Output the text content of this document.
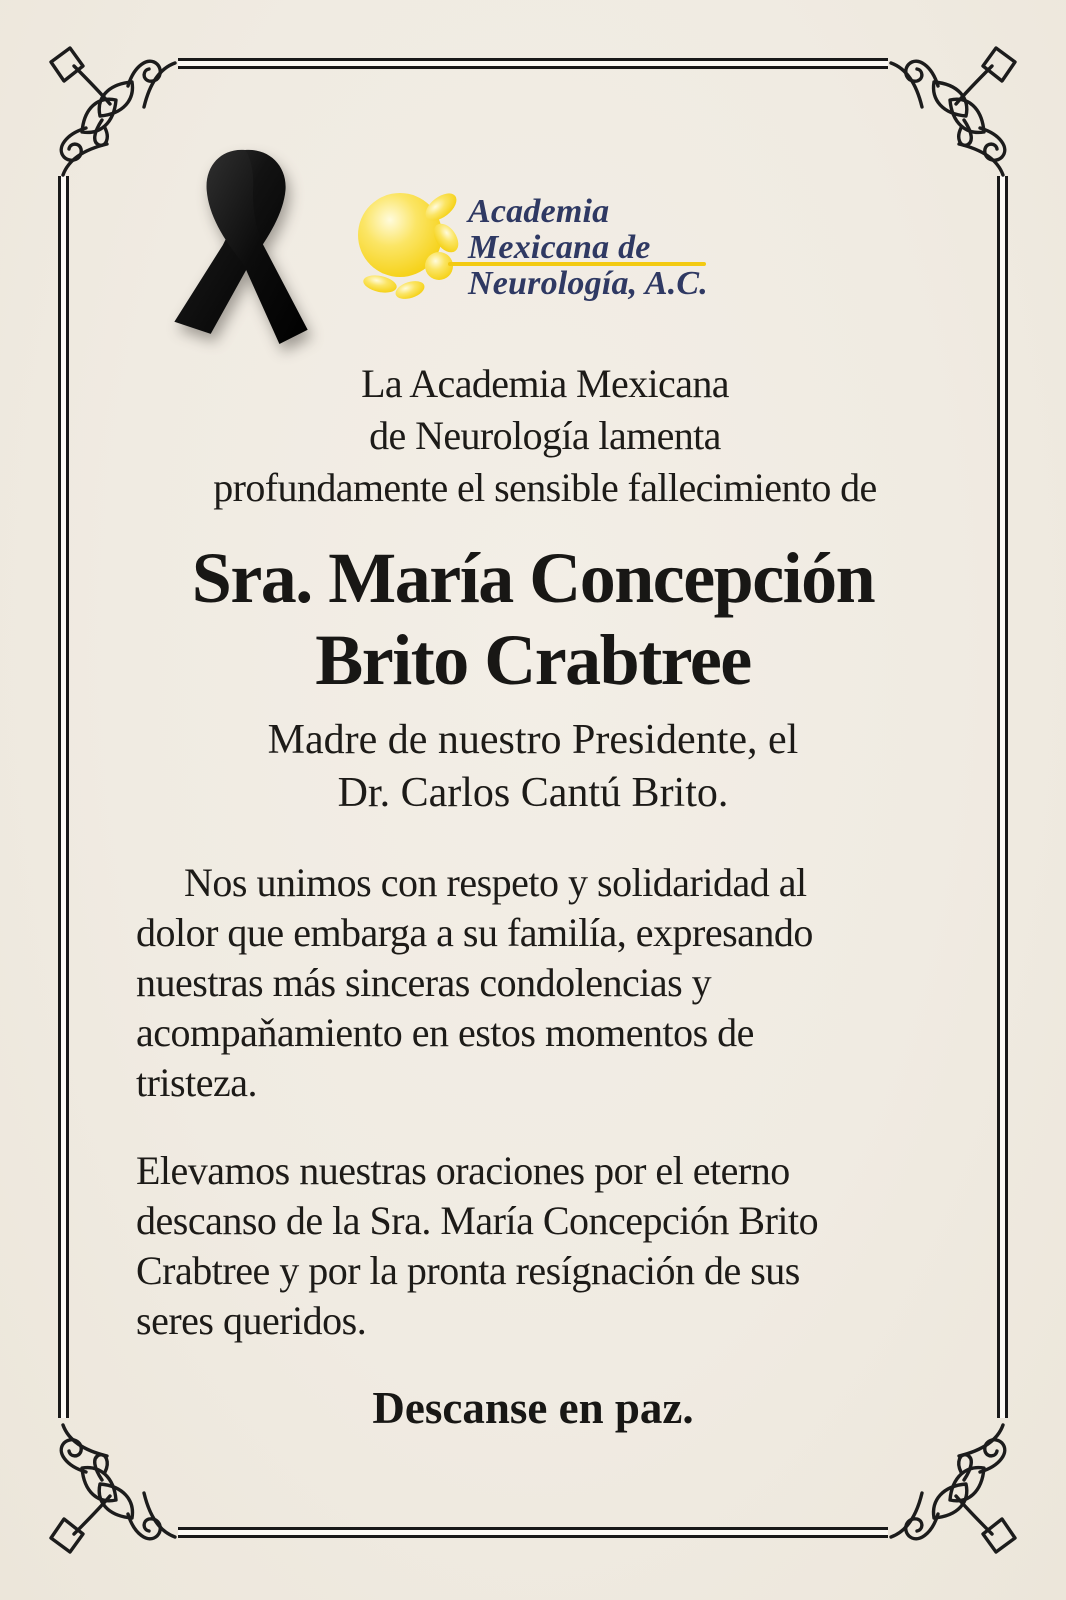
Academia
Mexicana de
Neurología, A.C.
La Academia Mexicana
de Neurología lamenta
profundamente el sensible fallecimiento de
Sra. María Concepción
Brito Crabtree
Madre de nuestro Presidente, el
Dr. Carlos Cantú Brito.
Nos unimos con respeto y solidaridad al
dolor que embarga a su familía, expresando
nuestras más sinceras condolencias y
acompaňamiento en estos momentos de
tristeza.
Elevamos nuestras oraciones por el eterno
descanso de la Sra. María Concepción Brito
Crabtree y por la pronta resígnación de sus
seres queridos.
Descanse en paz.
